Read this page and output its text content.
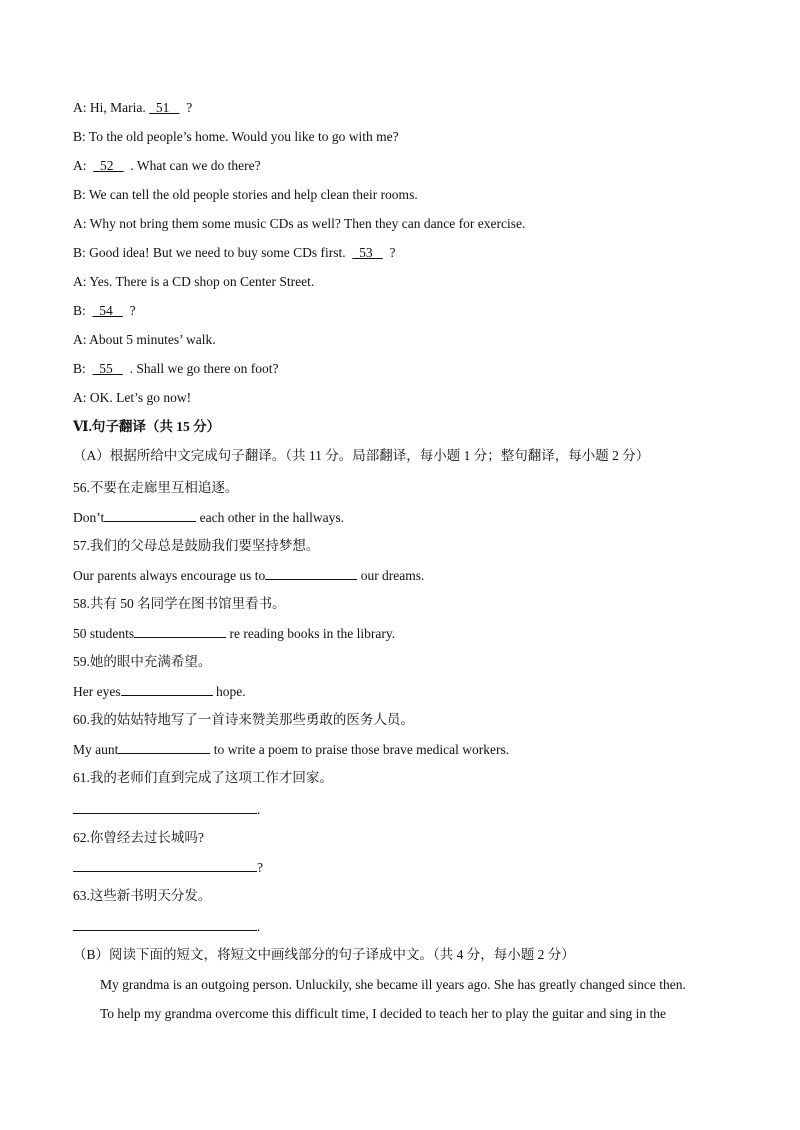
A: Hi, Maria.   51     ?
B: To the old people’s home. Would you like to go with me?
A:    52     . What can we do there?
B: We can tell the old people stories and help clean their rooms.
A: Why not bring them some music CDs as well? Then they can dance for exercise.
B: Good idea! But we need to buy some CDs first.    53     ?
A: Yes. There is a CD shop on Center Street.
B:    54     ?
A: About 5 minutes’ walk.
B:    55     . Shall we go there on foot?
A: OK. Let’s go now!
Ⅵ.句子翻译（共 15 分）
（A）根据所给中文完成句子翻译。（共 11 分。局部翻译，每小题 1 分；整句翻译，每小题 2 分）
56.不要在走廊里互相追逐。
Don’t	each other in the hallways.
57.我们的父母总是鼓励我们要坚持梦想。
Our parents always encourage us to	our dreams.
58.共有 50 名同学在图书馆里看书。
50 students	re reading books in the library.
59.她的眼中充满希望。
Her eyes	hope.
60.我的姑姑特地写了一首诗来赞美那些勇敢的医务人员。
My aunt	to write a poem to praise those brave medical workers.
61.我的老师们直到完成了这项工作才回家。
.
62.你曾经去过长城吗?
?
63.这些新书明天分发。
.
（B）阅读下面的短文，将短文中画线部分的句子译成中文。（共 4 分，每小题 2 分）
My grandma is an outgoing person. Unluckily, she became ill years ago. She has greatly changed since then.
To help my grandma overcome this difficult time, I decided to teach her to play the guitar and sing in the
